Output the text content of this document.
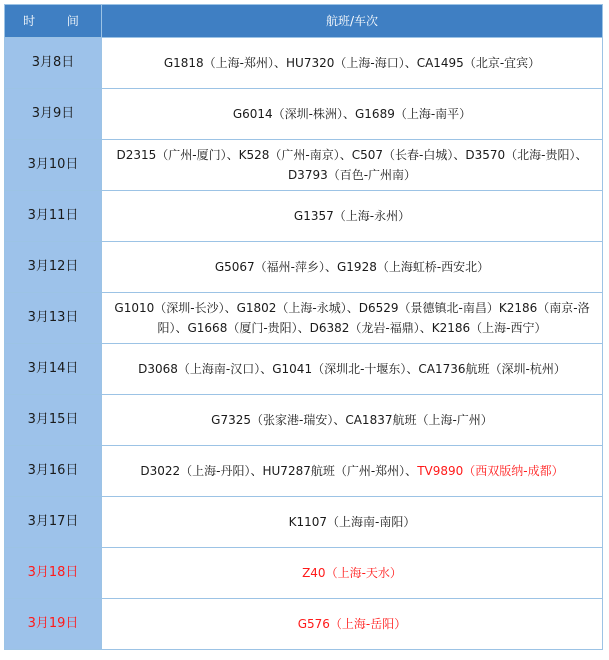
时 间	航班/车次
3月8日	G1818（上海-郑州）、HU7320（上海-海口）、CA1495（北京-宜宾）
3月9日	G6014（深圳-株洲）、G1689（上海-南平）
3月10日	D2315（广州-厦门）、K528（广州-南京）、C507（长春-白城）、D3570（北海-贵阳）、D3793（百色-广州南）
3月11日	G1357（上海-永州）
3月12日	G5067（福州-萍乡）、G1928（上海虹桥-西安北）
3月13日	G1010（深圳-长沙）、G1802（上海-永城）、D6529（景德镇北-南昌）K2186（南京-洛阳）、G1668（厦门-贵阳）、D6382（龙岩-福鼎）、K2186（上海-西宁）
3月14日	D3068（上海南-汉口）、G1041（深圳北-十堰东）、CA1736航班（深圳-杭州）
3月15日	G7325（张家港-瑞安）、CA1837航班（上海-广州）
3月16日	D3022（上海-丹阳）、HU7287航班（广州-郑州）、TV9890（西双版纳-成都）
3月17日	K1107（上海南-南阳）
3月18日	Z40（上海-天水）
3月19日	G576（上海-岳阳）
